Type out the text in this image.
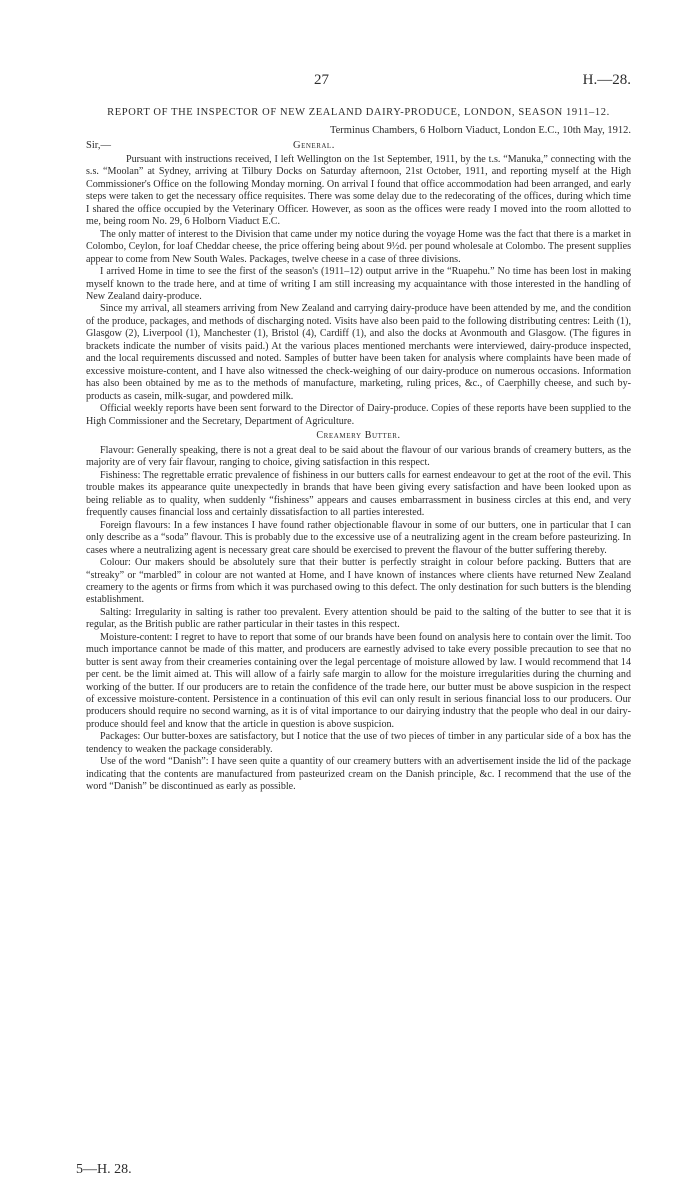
27	H.—28.
REPORT OF THE INSPECTOR OF NEW ZEALAND DAIRY-PRODUCE, LONDON, SEASON 1911–12.
Terminus Chambers, 6 Holborn Viaduct, London E.C., 10th May, 1912.
Sir,—	General.

Pursuant with instructions received, I left Wellington on the 1st September, 1911, by the t.s. “Manuka,” connecting with the s.s. “Moolan” at Sydney, arriving at Tilbury Docks on Saturday afternoon, 21st October, 1911, and reporting myself at the High Commissioner's Office on the following Monday morning. On arrival I found that office accommodation had been arranged, and early steps were taken to get the necessary office requisites. There was some delay due to the redecorating of the offices, during which time I shared the office occupied by the Veterinary Officer. However, as soon as the offices were ready I moved into the room allotted to me, being room No. 29, 6 Holborn Viaduct E.C.

The only matter of interest to the Division that came under my notice during the voyage Home was the fact that there is a market in Colombo, Ceylon, for loaf Cheddar cheese, the price offering being about 9½d. per pound wholesale at Colombo. The present supplies appear to come from New South Wales. Packages, twelve cheese in a case of three divisions.

I arrived Home in time to see the first of the season's (1911–12) output arrive in the “Ruapehu.” No time has been lost in making myself known to the trade here, and at time of writing I am still increasing my acquaintance with those interested in the handling of New Zealand dairy-produce.

Since my arrival, all steamers arriving from New Zealand and carrying dairy-produce have been attended by me, and the condition of the produce, packages, and methods of discharging noted. Visits have also been paid to the following distributing centres: Leith (1), Glasgow (2), Liverpool (1), Manchester (1), Bristol (4), Cardiff (1), and also the docks at Avonmouth and Glasgow. (The figures in brackets indicate the number of visits paid.) At the various places mentioned merchants were interviewed, dairy-produce inspected, and the local requirements discussed and noted. Samples of butter have been taken for analysis where complaints have been made of excessive moisture-content, and I have also witnessed the check-weighing of our dairy-produce on numerous occasions. Information has also been obtained by me as to the methods of manufacture, marketing, ruling prices, &c., of Caerphilly cheese, and such by-products as casein, milk-sugar, and powdered milk.

Official weekly reports have been sent forward to the Director of Dairy-produce. Copies of these reports have been supplied to the High Commissioner and the Secretary, Department of Agriculture.

Creamery Butter.

Flavour: Generally speaking, there is not a great deal to be said about the flavour of our various brands of creamery butters, as the majority are of very fair flavour, ranging to choice, giving satisfaction in this respect.

Fishiness: The regrettable erratic prevalence of fishiness in our butters calls for earnest endeavour to get at the root of the evil. This trouble makes its appearance quite unexpectedly in brands that have been giving every satisfaction and have been looked upon as being reliable as to quality, when suddenly “fishiness” appears and causes embarrassment in business circles at this end, and very frequently causes financial loss and certainly dissatisfaction to all parties interested.

Foreign flavours: In a few instances I have found rather objectionable flavour in some of our butters, one in particular that I can only describe as a “soda” flavour. This is probably due to the excessive use of a neutralizing agent in the cream before pasteurizing. In cases where a neutralizing agent is necessary great care should be exercised to prevent the flavour of the butter suffering thereby.

Colour: Our makers should be absolutely sure that their butter is perfectly straight in colour before packing. Butters that are “streaky” or “marbled” in colour are not wanted at Home, and I have known of instances where clients have returned New Zealand creamery to the agents or firms from which it was purchased owing to this defect. The only destination for such butters is the blending establishment.

Salting: Irregularity in salting is rather too prevalent. Every attention should be paid to the salting of the butter to see that it is regular, as the British public are rather particular in their tastes in this respect.

Moisture-content: I regret to have to report that some of our brands have been found on analysis here to contain over the limit. Too much importance cannot be made of this matter, and producers are earnestly advised to take every possible precaution to see that no butter is sent away from their creameries containing over the legal percentage of moisture allowed by law. I would recommend that 14 per cent. be the limit aimed at. This will allow of a fairly safe margin to allow for the moisture irregularities during the churning and working of the butter. If our producers are to retain the confidence of the trade here, our butter must be above suspicion in the respect of excessive moisture-content. Persistence in a continuation of this evil can only result in serious financial loss to our producers. Our producers should require no second warning, as it is of vital importance to our dairying industry that the people who deal in our dairy-produce should feel and know that the article in question is above suspicion.

Packages: Our butter-boxes are satisfactory, but I notice that the use of two pieces of timber in any particular side of a box has the tendency to weaken the package considerably.

Use of the word “Danish”: I have seen quite a quantity of our creamery butters with an advertisement inside the lid of the package indicating that the contents are manufactured from pasteurized cream on the Danish principle, &c. I recommend that the use of the word “Danish” be discontinued as early as possible.

5—H. 28.
